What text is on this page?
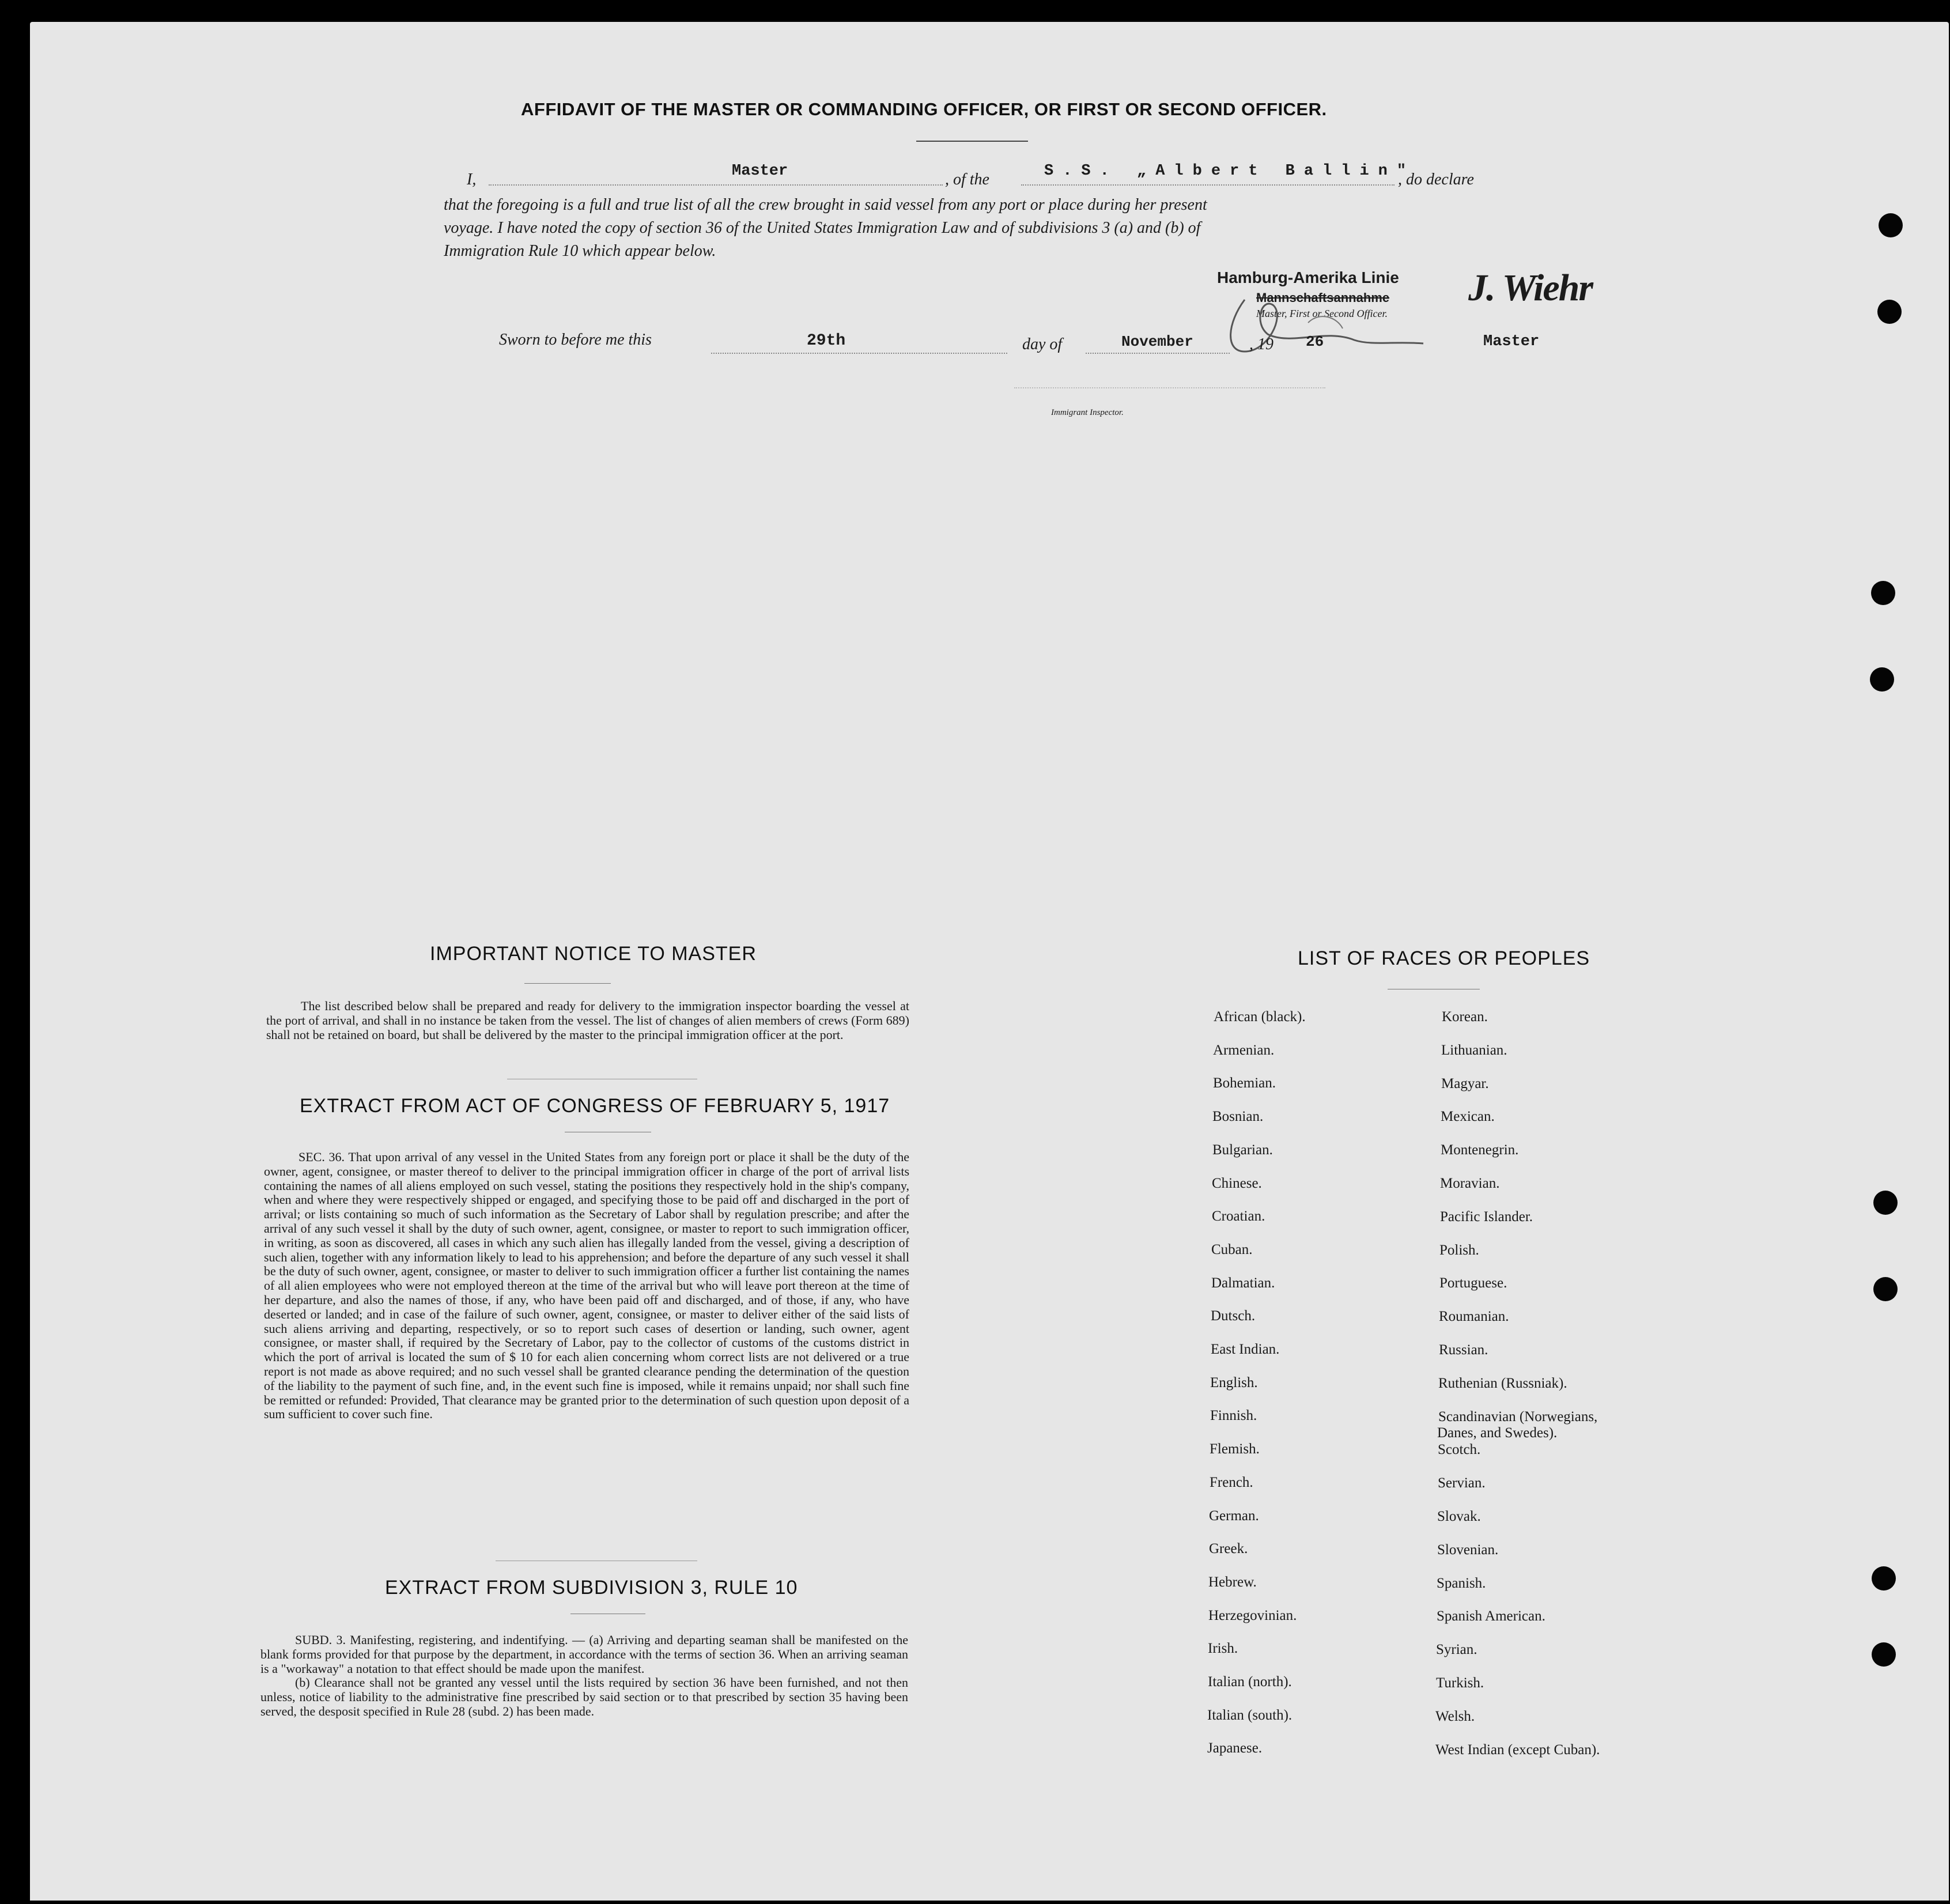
AFFIDAVIT OF THE MASTER OR COMMANDING OFFICER, OR FIRST OR SECOND OFFICER.
I,	Master	, of the	S.S. „Albert Ballin"
, do declare
that the foregoing is a full and true list of all the crew brought in said vessel from any port or place during her present
voyage. I have noted the copy of section 36 of the United States Immigration Law and of subdivisions 3 (a) and (b) of
Immigration Rule 10 which appear below.
Hamburg-Amerika Linie
Mannschaftsannahme
Master, First or Second Officer.
J. Wiehr
Sworn to before me this	29th	day of	November	, 19 26	Master
Immigrant Inspector.
IMPORTANT NOTICE TO MASTER

The list described below shall be prepared and ready for delivery to the immigration inspector boarding the vessel at the port of arrival, and shall in no instance be taken from the vessel. The list of changes of alien members of crews (Form 689) shall not be retained on board, but shall be delivered by the master to the principal immigration officer at the port.

EXTRACT FROM ACT OF CONGRESS OF FEBRUARY 5, 1917

SEC. 36. That upon arrival of any vessel in the United States from any foreign port or place it shall be the duty of the owner, agent, consignee, or master thereof to deliver to the principal immigration officer in charge of the port of arrival lists containing the names of all aliens employed on such vessel, stating the positions they respectively hold in the ship's company, when and where they were respectively shipped or engaged, and specifying those to be paid off and discharged in the port of arrival; or lists containing so much of such information as the Secretary of Labor shall by regulation prescribe; and after the arrival of any such vessel it shall by the duty of such owner, agent, consignee, or master to report to such immigration officer, in writing, as soon as discovered, all cases in which any such alien has illegally landed from the vessel, giving a description of such alien, together with any information likely to lead to his apprehension; and before the departure of any such vessel it shall be the duty of such owner, agent, consignee, or master to deliver to such immigration officer a further list containing the names of all alien employees who were not employed thereon at the time of the arrival but who will leave port thereon at the time of her departure, and also the names of those, if any, who have been paid off and discharged, and of those, if any, who have deserted or landed; and in case of the failure of such owner, agent, consignee, or master to deliver either of the said lists of such aliens arriving and departing, respectively, or so to report such cases of desertion or landing, such owner, agent consignee, or master shall, if required by the Secretary of Labor, pay to the collector of customs of the customs district in which the port of arrival is located the sum of $ 10 for each alien concerning whom correct lists are not delivered or a true report is not made as above required; and no such vessel shall be granted clearance pending the determination of the question of the liability to the payment of such fine, and, in the event such fine is imposed, while it remains unpaid; nor shall such fine be remitted or refunded: Provided, That clearance may be granted prior to the determination of such question upon deposit of a sum sufficient to cover such fine.

EXTRACT FROM SUBDIVISION 3, RULE 10

SUBD. 3. Manifesting, registering, and indentifying. — (a) Arriving and departing seaman shall be manifested on the blank forms provided for that purpose by the department, in accordance with the terms of section 36. When an arriving seaman is a "workaway" a notation to that effect should be made upon the manifest.

(b) Clearance shall not be granted any vessel until the lists required by section 36 have been furnished, and not then unless, notice of liability to the administrative fine prescribed by said section or to that prescribed by section 35 having been served, the desposit specified in Rule 28 (subd. 2) has been made.

LIST OF RACES OR PEOPLES
African (black).
Armenian.
Bohemian.
Bosnian.
Bulgarian.
Chinese.
Croatian.
Cuban.
Dalmatian.
Dutsch.
East Indian.
English.
Finnish.
Flemish.
French.
German.
Greek.
Hebrew.
Herzegovinian.
Irish.
Italian (north).
Italian (south).
Japanese.
Korean.
Lithuanian.
Magyar.
Mexican.
Montenegrin.
Moravian.
Pacific Islander.
Polish.
Portuguese.
Roumanian.
Russian.
Ruthenian (Russniak).
Scandinavian (Norwegians,
Scotch.
Servian.
Slovak.
Slovenian.
Spanish.
Spanish American.
Syrian.
Turkish.
Welsh.
West Indian (except Cuban).
Danes, and Swedes).
